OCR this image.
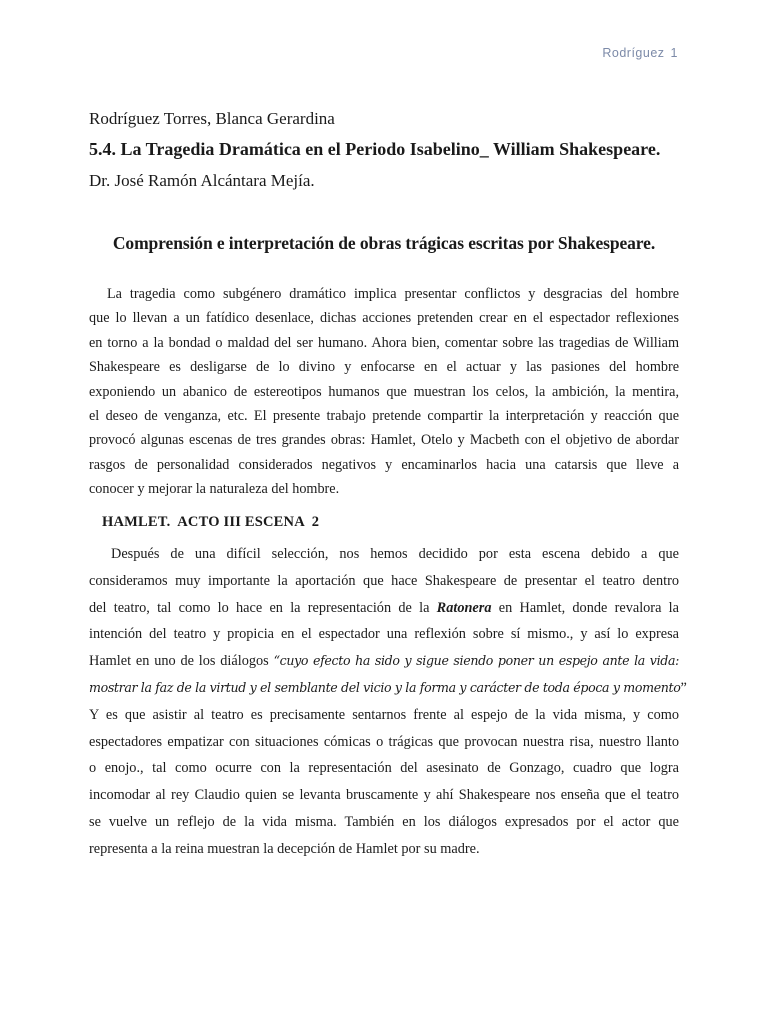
Rodríguez 1
Rodríguez Torres, Blanca Gerardina
5.4. La Tragedia Dramática en el Periodo Isabelino_ William Shakespeare.
Dr. José Ramón Alcántara Mejía.
Comprensión e interpretación de obras trágicas escritas por Shakespeare.
La tragedia como subgénero dramático implica presentar conflictos y desgracias del hombre
que lo llevan a un fatídico desenlace, dichas acciones pretenden crear en el espectador reflexiones
en torno a la bondad o maldad del ser humano. Ahora bien, comentar sobre las tragedias de William
Shakespeare es desligarse de lo divino y enfocarse en el actuar y las pasiones del hombre
exponiendo un abanico de estereotipos humanos que muestran los celos, la ambición, la mentira,
el deseo de venganza, etc. El presente trabajo pretende compartir la interpretación y reacción que
provocó algunas escenas de tres grandes obras: Hamlet, Otelo y Macbeth con el objetivo de abordar
rasgos de personalidad considerados negativos y encaminarlos hacia una catarsis que lleve a
conocer y mejorar la naturaleza del hombre.
HAMLET.  ACTO III ESCENA  2
Después de una difícil selección, nos hemos decidido por esta escena debido a que
consideramos muy importante la aportación que hace Shakespeare de presentar el teatro dentro
del teatro, tal como lo hace en la representación de la Ratonera en Hamlet, donde revalora la
intención del teatro y propicia en el espectador una reflexión sobre sí mismo., y así lo expresa
Hamlet en uno de los diálogos “cuyo efecto ha sido y sigue siendo poner un espejo ante la vida:
mostrar la faz de la virtud y el semblante del vicio y la forma y carácter de toda época y momento”
Y es que asistir al teatro es precisamente sentarnos frente al espejo de la vida misma, y como
espectadores empatizar con situaciones cómicas o trágicas que provocan nuestra risa, nuestro llanto
o enojo., tal como ocurre con la representación del asesinato de Gonzago, cuadro que logra
incomodar al rey Claudio quien se levanta bruscamente y ahí Shakespeare nos enseña que el teatro
se vuelve un reflejo de la vida misma. También en los diálogos expresados por el actor que
representa a la reina muestran la decepción de Hamlet por su madre.
